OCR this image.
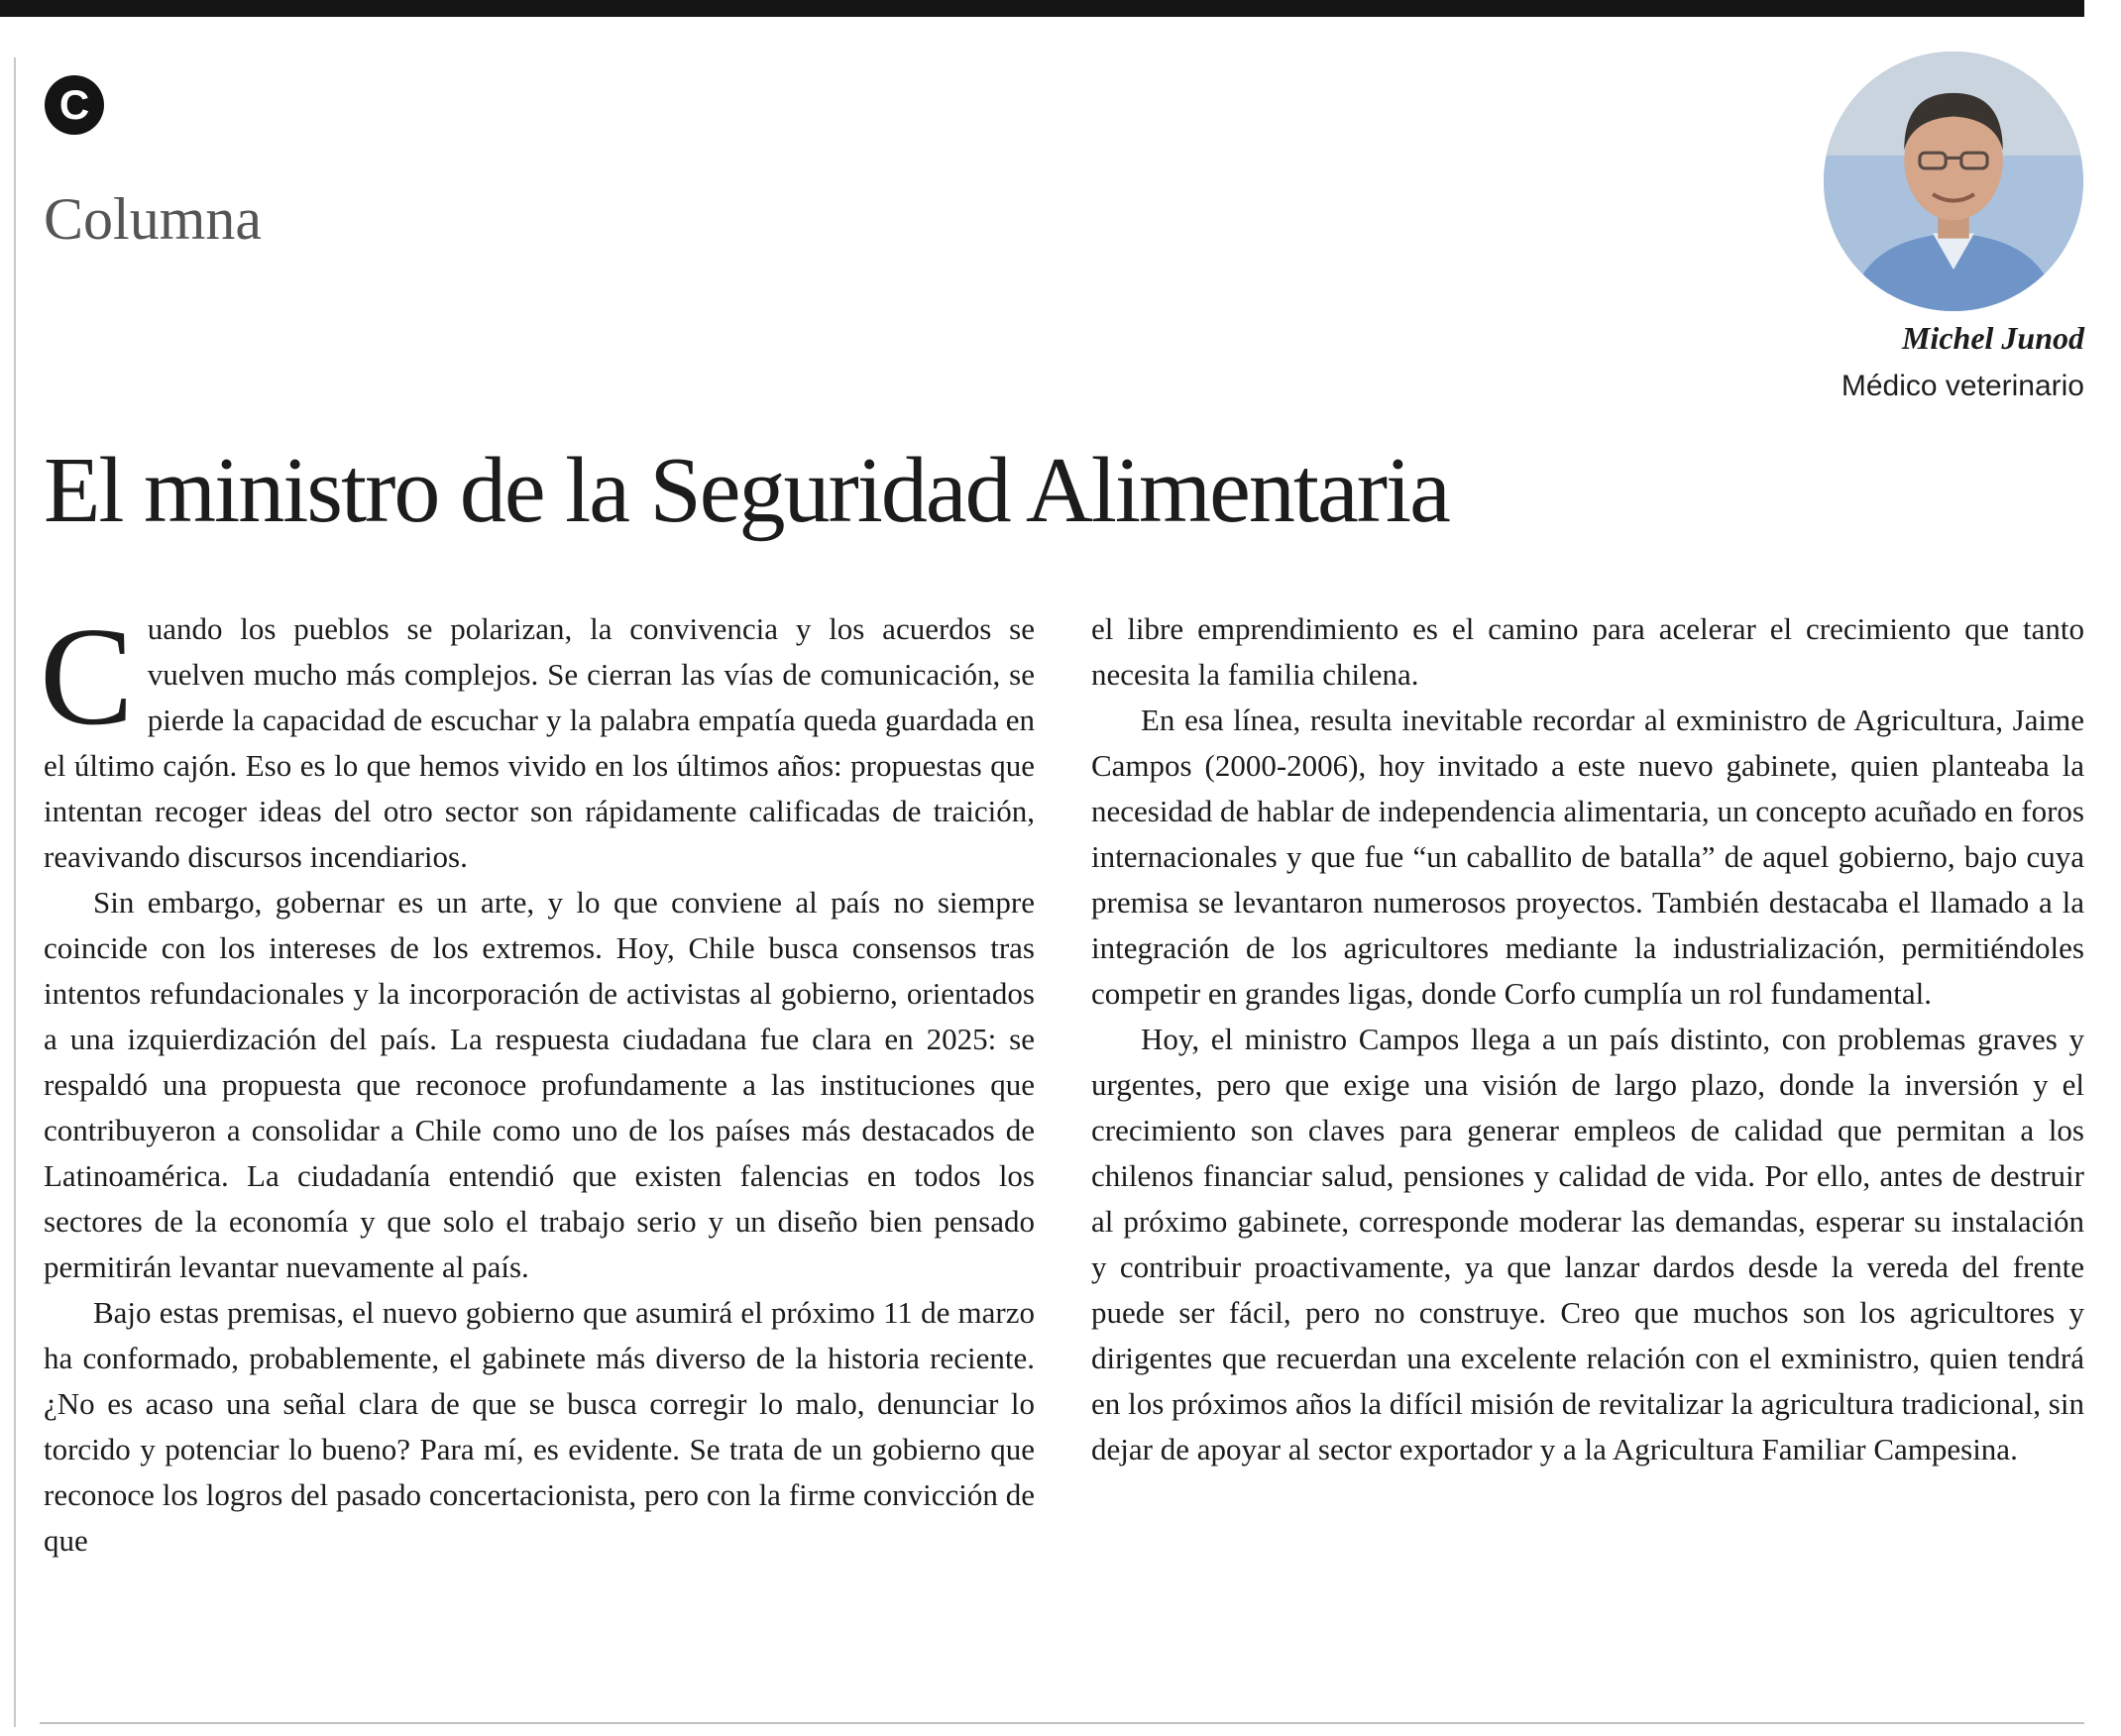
C
Columna
Michel Junod
Médico veterinario
El ministro de la Seguridad Alimentaria

Cuando los pueblos se polarizan, la convivencia y los acuerdos se vuelven mucho más complejos. Se cierran las vías de comunicación, se pierde la capacidad de escuchar y la palabra empatía queda guardada en el último cajón. Eso es lo que hemos vivido en los últimos años: propuestas que intentan recoger ideas del otro sector son rápidamente calificadas de traición, reavivando discursos incendiarios.

Sin embargo, gobernar es un arte, y lo que conviene al país no siempre coincide con los intereses de los extremos. Hoy, Chile busca consensos tras intentos refundacionales y la incorporación de activistas al gobierno, orientados a una izquierdización del país. La respuesta ciudadana fue clara en 2025: se respaldó una propuesta que reconoce profundamente a las instituciones que contribuyeron a consolidar a Chile como uno de los países más destacados de Latinoamérica. La ciudadanía entendió que existen falencias en todos los sectores de la economía y que solo el trabajo serio y un diseño bien pensado permitirán levantar nuevamente al país.

Bajo estas premisas, el nuevo gobierno que asumirá el próximo 11 de marzo ha conformado, probablemente, el gabinete más diverso de la historia reciente. ¿No es acaso una señal clara de que se busca corregir lo malo, denunciar lo torcido y potenciar lo bueno? Para mí, es evidente. Se trata de un gobierno que reconoce los logros del pasado concertacionista, pero con la firme convicción de que

el libre emprendimiento es el camino para acelerar el crecimiento que tanto necesita la familia chilena.

En esa línea, resulta inevitable recordar al exministro de Agricultura, Jaime Campos (2000-2006), hoy invitado a este nuevo gabinete, quien planteaba la necesidad de hablar de independencia alimentaria, un concepto acuñado en foros internacionales y que fue “un caballito de batalla” de aquel gobierno, bajo cuya premisa se levantaron numerosos proyectos. También destacaba el llamado a la integración de los agricultores mediante la industrialización, permitiéndoles competir en grandes ligas, donde Corfo cumplía un rol fundamental.

Hoy, el ministro Campos llega a un país distinto, con problemas graves y urgentes, pero que exige una visión de largo plazo, donde la inversión y el crecimiento son claves para generar empleos de calidad que permitan a los chilenos financiar salud, pensiones y calidad de vida. Por ello, antes de destruir al próximo gabinete, corresponde moderar las demandas, esperar su instalación y contribuir proactivamente, ya que lanzar dardos desde la vereda del frente puede ser fácil, pero no construye. Creo que muchos son los agricultores y dirigentes que recuerdan una excelente relación con el exministro, quien tendrá en los próximos años la difícil misión de revitalizar la agricultura tradicional, sin dejar de apoyar al sector exportador y a la Agricultura Familiar Campesina.
